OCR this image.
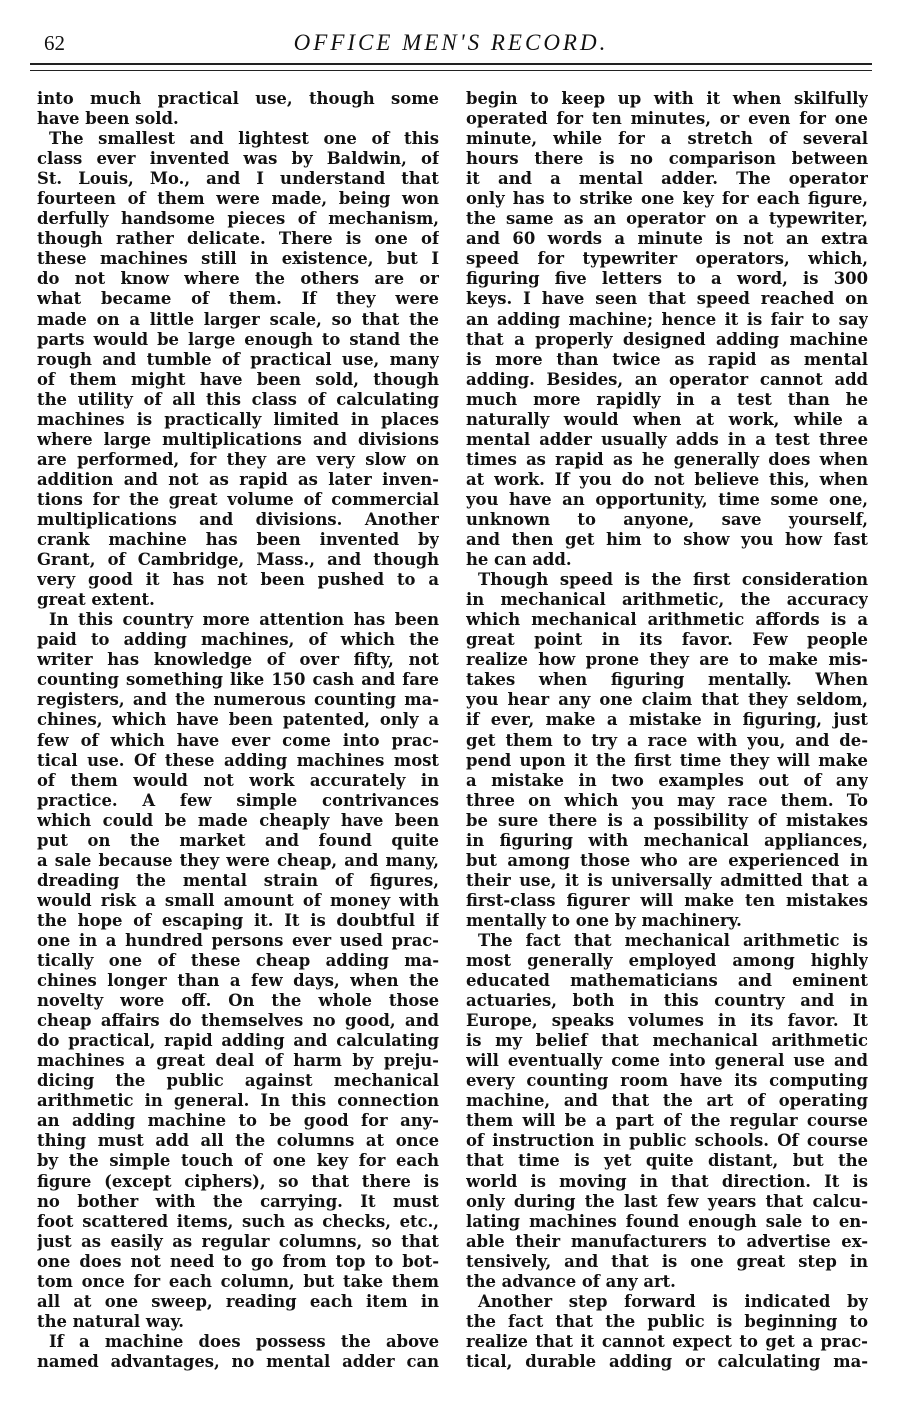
62	OFFICE MEN'S RECORD.
into much practical use, though some
have been sold.
The smallest and lightest one of this
class ever invented was by Baldwin, of
St. Louis, Mo., and I understand that
fourteen of them were made, being won
derfully handsome pieces of mechanism,
though rather delicate. There is one of
these machines still in existence, but I
do not know where the others are or
what became of them. If they were
made on a little larger scale, so that the
parts would be large enough to stand the
rough and tumble of practical use, many
of them might have been sold, though
the utility of all this class of calculating
machines is practically limited in places
where large multiplications and divisions
are performed, for they are very slow on
addition and not as rapid as later inven-
tions for the great volume of commercial
multiplications and divisions. Another
crank machine has been invented by
Grant, of Cambridge, Mass., and though
very good it has not been pushed to a
great extent.
In this country more attention has been
paid to adding machines, of which the
writer has knowledge of over fifty, not
counting something like 150 cash and fare
registers, and the numerous counting ma-
chines, which have been patented, only a
few of which have ever come into prac-
tical use. Of these adding machines most
of them would not work accurately in
practice. A few simple contrivances
which could be made cheaply have been
put on the market and found quite
a sale because they were cheap, and many,
dreading the mental strain of figures,
would risk a small amount of money with
the hope of escaping it. It is doubtful if
one in a hundred persons ever used prac-
tically one of these cheap adding ma-
chines longer than a few days, when the
novelty wore off. On the whole those
cheap affairs do themselves no good, and
do practical, rapid adding and calculating
machines a great deal of harm by preju-
dicing the public against mechanical
arithmetic in general. In this connection
an adding machine to be good for any-
thing must add all the columns at once
by the simple touch of one key for each
figure (except ciphers), so that there is
no bother with the carrying. It must
foot scattered items, such as checks, etc.,
just as easily as regular columns, so that
one does not need to go from top to bot-
tom once for each column, but take them
all at one sweep, reading each item in
the natural way.
If a machine does possess the above
named advantages, no mental adder can
begin to keep up with it when skilfully
operated for ten minutes, or even for one
minute, while for a stretch of several
hours there is no comparison between
it and a mental adder. The operator
only has to strike one key for each figure,
the same as an operator on a typewriter,
and 60 words a minute is not an extra
speed for typewriter operators, which,
figuring five letters to a word, is 300
keys. I have seen that speed reached on
an adding machine; hence it is fair to say
that a properly designed adding machine
is more than twice as rapid as mental
adding. Besides, an operator cannot add
much more rapidly in a test than he
naturally would when at work, while a
mental adder usually adds in a test three
times as rapid as he generally does when
at work. If you do not believe this, when
you have an opportunity, time some one,
unknown to anyone, save yourself,
and then get him to show you how fast
he can add.
Though speed is the first consideration
in mechanical arithmetic, the accuracy
which mechanical arithmetic affords is a
great point in its favor. Few people
realize how prone they are to make mis-
takes when figuring mentally. When
you hear any one claim that they seldom,
if ever, make a mistake in figuring, just
get them to try a race with you, and de-
pend upon it the first time they will make
a mistake in two examples out of any
three on which you may race them. To
be sure there is a possibility of mistakes
in figuring with mechanical appliances,
but among those who are experienced in
their use, it is universally admitted that a
first-class figurer will make ten mistakes
mentally to one by machinery.
The fact that mechanical arithmetic is
most generally employed among highly
educated mathematicians and eminent
actuaries, both in this country and in
Europe, speaks volumes in its favor. It
is my belief that mechanical arithmetic
will eventually come into general use and
every counting room have its computing
machine, and that the art of operating
them will be a part of the regular course
of instruction in public schools. Of course
that time is yet quite distant, but the
world is moving in that direction. It is
only during the last few years that calcu-
lating machines found enough sale to en-
able their manufacturers to advertise ex-
tensively, and that is one great step in
the advance of any art.
Another step forward is indicated by
the fact that the public is beginning to
realize that it cannot expect to get a prac-
tical, durable adding or calculating ma-
